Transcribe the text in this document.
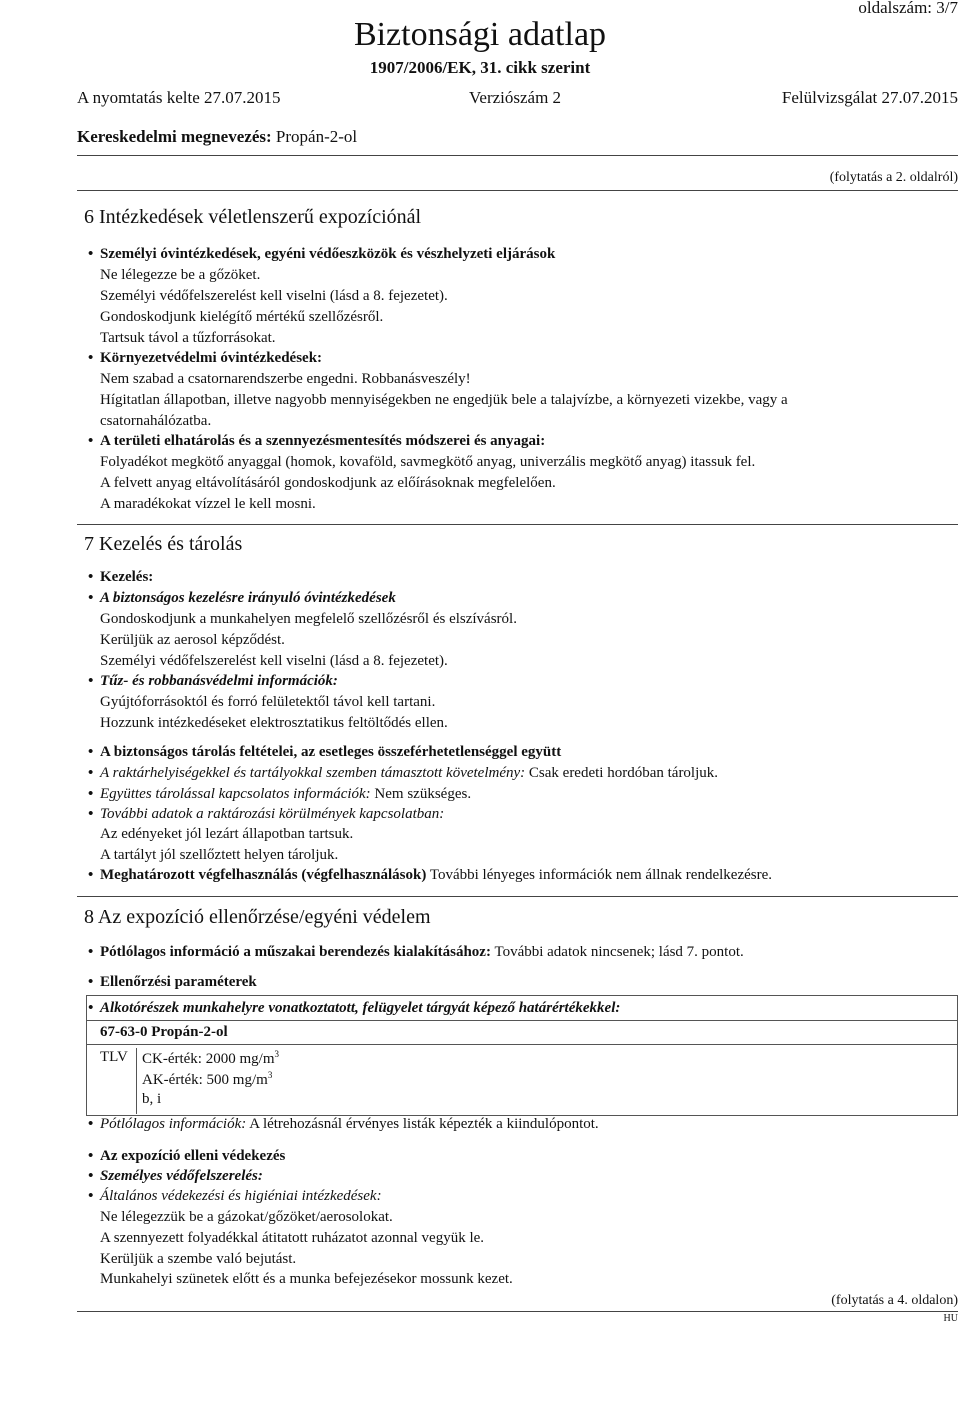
oldalszám: 3/7
Biztonsági adatlap
1907/2006/EK, 31. cikk szerint
A nyomtatás kelte 27.07.2015	Verziószám 2	Felülvizsgálat 27.07.2015
Kereskedelmi megnevezés: Propán-2-ol
(folytatás a 2. oldalról)
6 Intézkedések véletlenszerű expozíciónál
• Személyi óvintézkedések, egyéni védőeszközök és vészhelyzeti eljárások
Ne lélegezze be a gőzöket.
Személyi védőfelszerelést kell viselni (lásd a 8. fejezetet).
Gondoskodjunk kielégítő mértékű szellőzésről.
Tartsuk távol a tűzforrásokat.
• Környezetvédelmi óvintézkedések:
Nem szabad a csatornarendszerbe engedni. Robbanásveszély!
Hígitatlan állapotban, illetve nagyobb mennyiségekben ne engedjük bele a talajvízbe, a környezeti vizekbe, vagy a
csatornahálózatba.
• A területi elhatárolás és a szennyezésmentesítés módszerei és anyagai:
Folyadékot megkötő anyaggal (homok, kovaföld, savmegkötő anyag, univerzális megkötő anyag) itassuk fel.
A felvett anyag eltávolításáról gondoskodjunk az előírásoknak megfelelően.
A maradékokat vízzel le kell mosni.
7 Kezelés és tárolás
• Kezelés:
• A biztonságos kezelésre irányuló óvintézkedések
Gondoskodjunk a munkahelyen megfelelő szellőzésről és elszívásról.
Kerüljük az aerosol képződést.
Személyi védőfelszerelést kell viselni (lásd a 8. fejezetet).
• Tűz- és robbanásvédelmi információk:
Gyújtóforrásoktól és forró felületektől távol kell tartani.
Hozzunk intézkedéseket elektrosztatikus feltöltődés ellen.
• A biztonságos tárolás feltételei, az esetleges összeférhetetlenséggel együtt
• A raktárhelyiségekkel és tartályokkal szemben támasztott követelmény: Csak eredeti hordóban tároljuk.
• Együttes tárolással kapcsolatos információk: Nem szükséges.
• További adatok a raktározási körülmények kapcsolatban:
Az edényeket jól lezárt állapotban tartsuk.
A tartályt jól szellőztett helyen tároljuk.
• Meghatározott végfelhasználás (végfelhasználások) További lényeges információk nem állnak rendelkezésre.
8 Az expozíció ellenőrzése/egyéni védelem
• Pótlólagos információ a műszakai berendezés kialakításához: További adatok nincsenek; lásd 7. pontot.
• Ellenőrzési paraméterek
• Alkotórészek munkahelyre vonatkoztatott, felügyelet tárgyát képező határértékekkel:
67-63-0 Propán-2-ol
TLV CK-érték: 2000 $mg/m^3$
AK-érték: 500 $mg/m^3$
b, i
• Pótlólagos információk: A létrehozásnál érvényes listák képezték a kiindulópontot.
• Az expozíció elleni védekezés
• Személyes védőfelszerelés:
• Általános védekezési és higiéniai intézkedések:
Ne lélegezzük be a gázokat/gőzöket/aerosolokat.
A szennyezett folyadékkal átitatott ruházatot azonnal vegyük le.
Kerüljük a szembe való bejutást.
Munkahelyi szünetek előtt és a munka befejezésekor mossunk kezet.
(folytatás a 4. oldalon)
HU
